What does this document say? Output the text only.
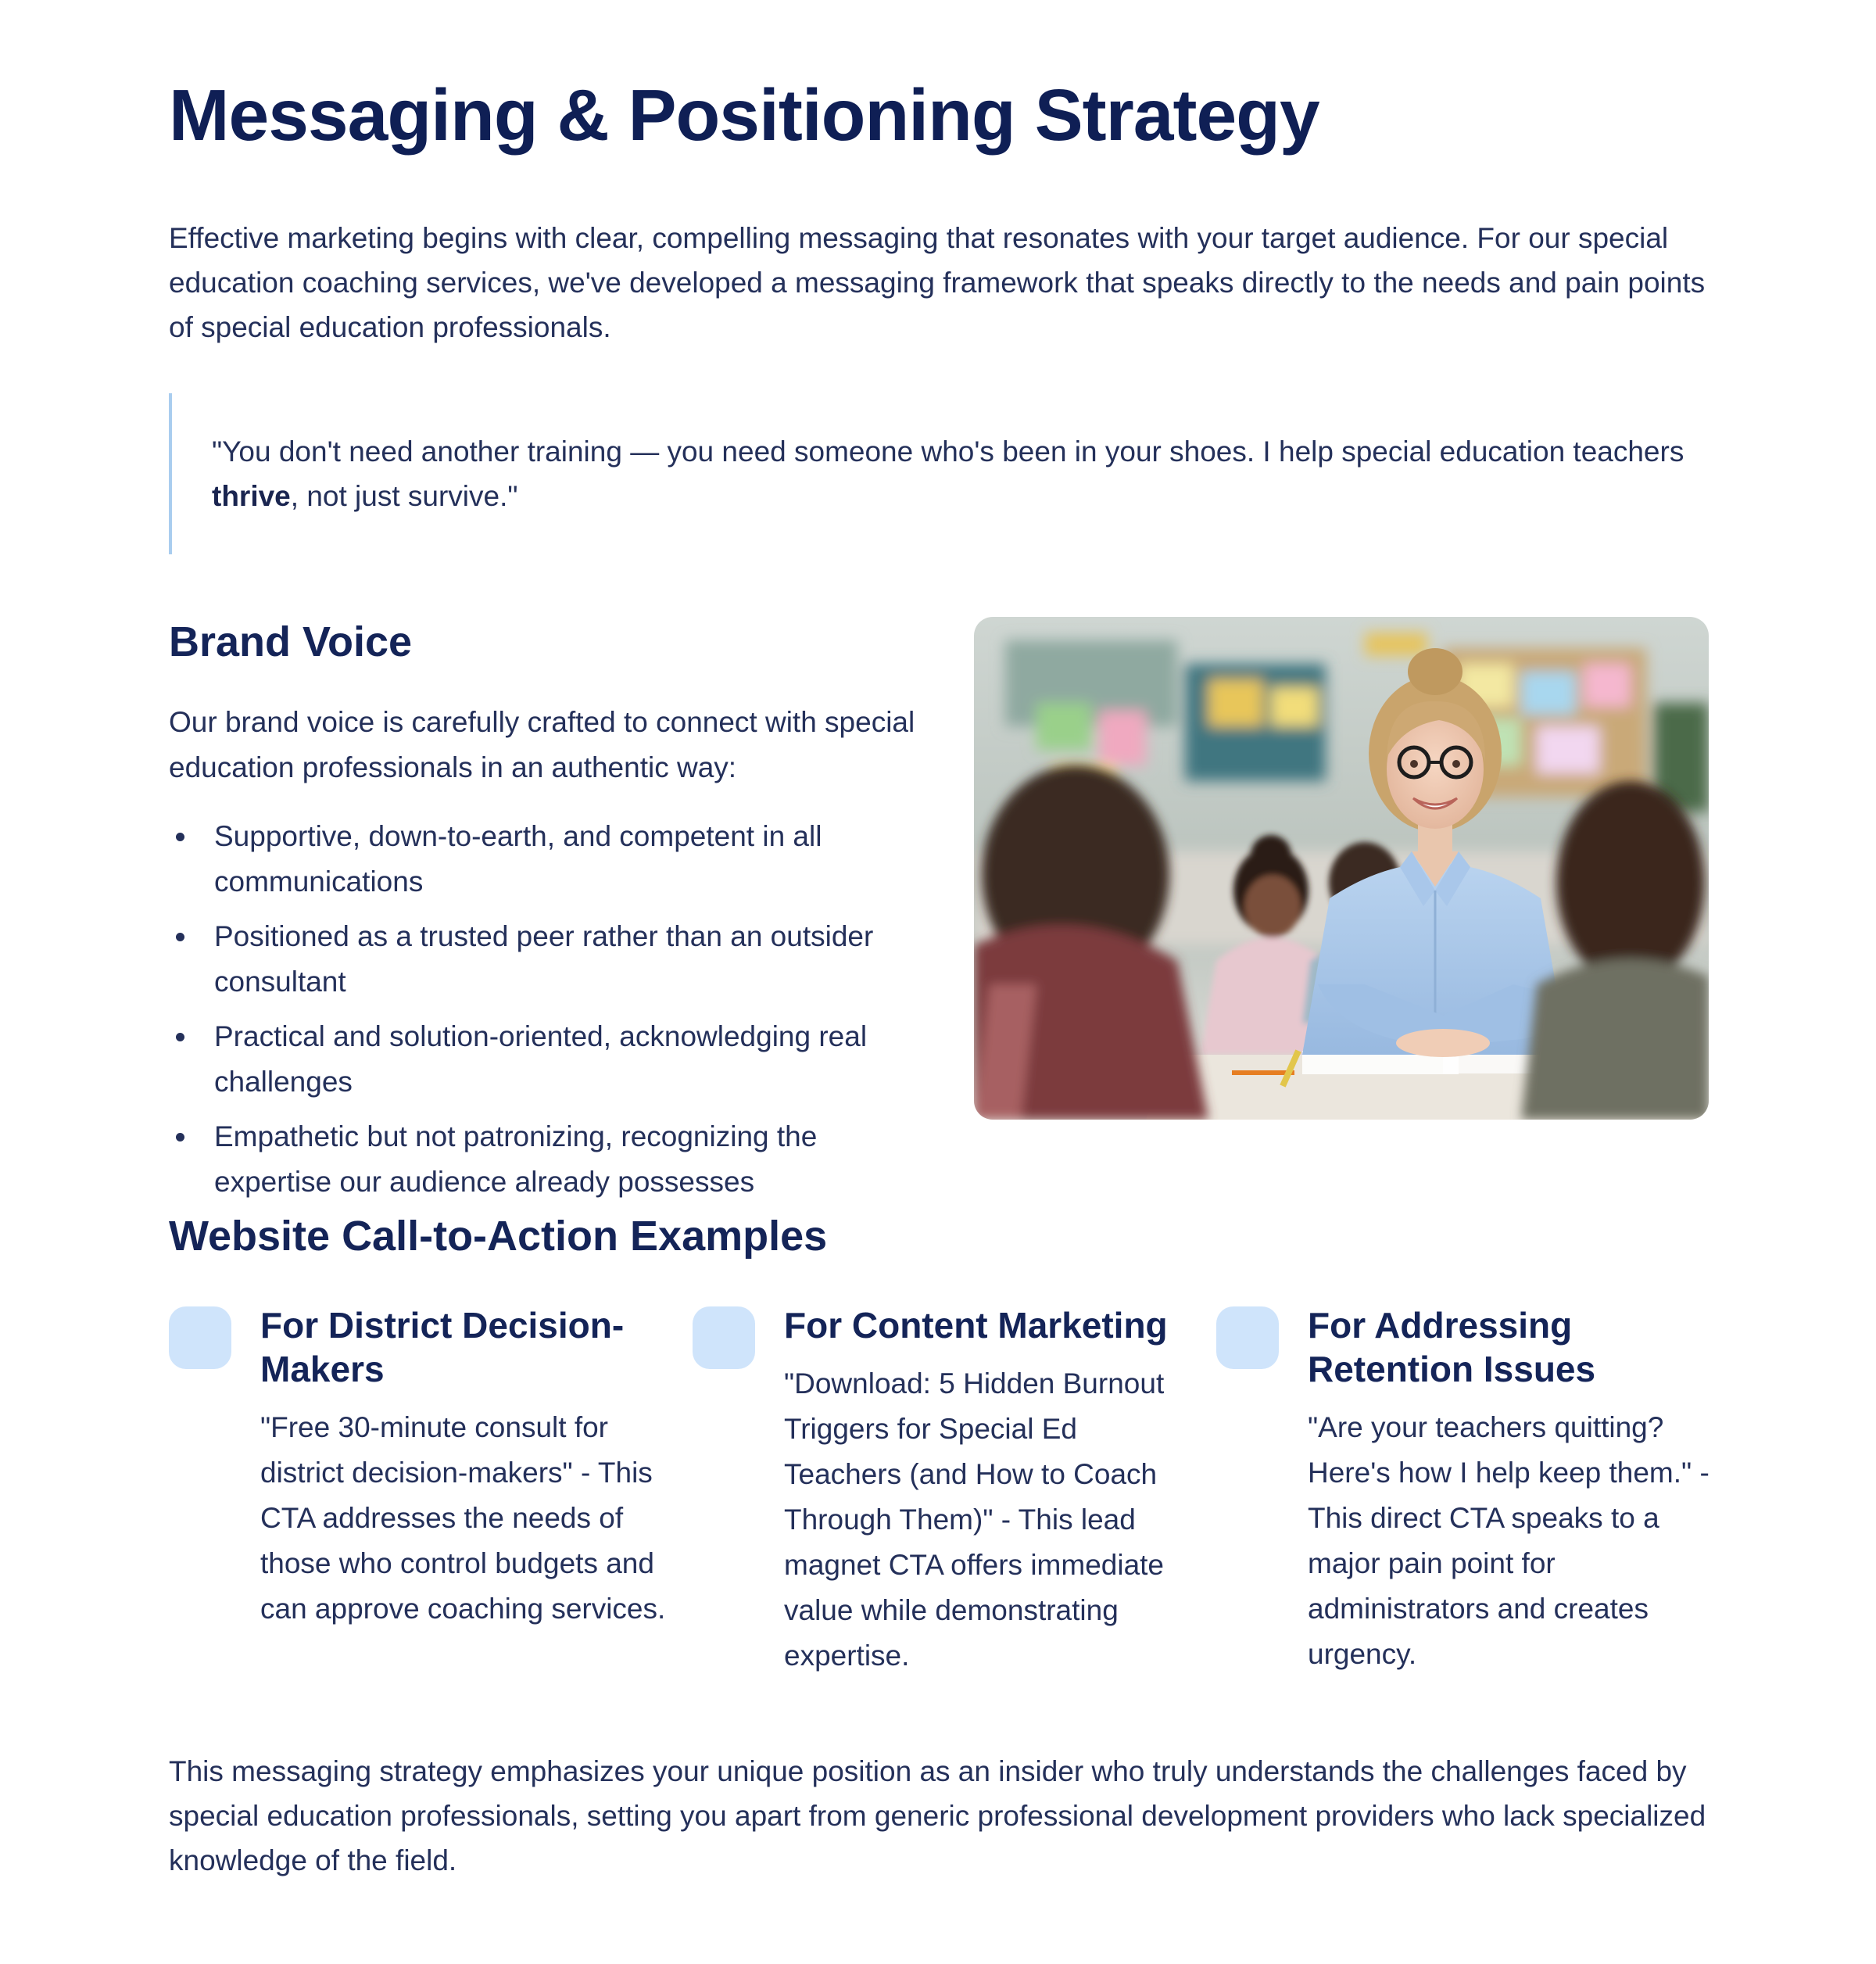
Messaging & Positioning Strategy

Effective marketing begins with clear, compelling messaging that resonates with your target audience. For our special education coaching services, we've developed a messaging framework that speaks directly to the needs and pain points of special education professionals.

"You don't need another training — you need someone who's been in your shoes. I help special education teachers thrive, not just survive."
Brand Voice

Our brand voice is carefully crafted to connect with special education professionals in an authentic way:

Supportive, down-to-earth, and competent in all communications
Positioned as a trusted peer rather than an outsider consultant
Practical and solution-oriented, acknowledging real challenges
Empathetic but not patronizing, recognizing the expertise our audience already possesses
Website Call-to-Action Examples
For District Decision-Makers

"Free 30-minute consult for district decision-makers" - This CTA addresses the needs of those who control budgets and can approve coaching services.

For Content Marketing

"Download: 5 Hidden Burnout Triggers for Special Ed Teachers (and How to Coach Through Them)" - This lead magnet CTA offers immediate value while demonstrating expertise.

For Addressing Retention Issues

"Are your teachers quitting? Here's how I help keep them." - This direct CTA speaks to a major pain point for administrators and creates urgency.

This messaging strategy emphasizes your unique position as an insider who truly understands the challenges faced by special education professionals, setting you apart from generic professional development providers who lack specialized knowledge of the field.
